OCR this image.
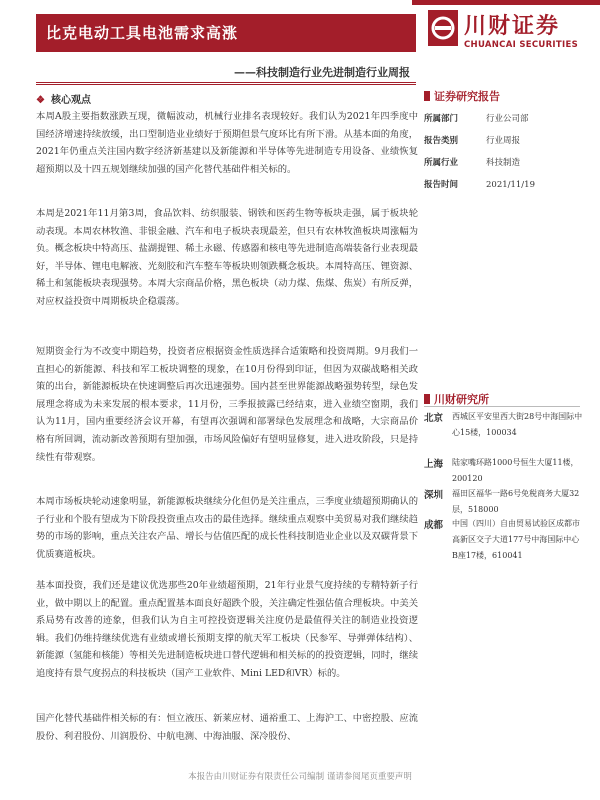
比克电动工具电池需求高涨	川财证券
CHUANCAI SECURITIES
——科技制造行业先进制造行业周报
❖ 核心观点
本周A股主要指数涨跌互现，微幅波动，机械行业排名表现较好。我们认为2021年四季度中国经济增速持续放缓，出口型制造业业绩好于预期但景气度环比有所下滑。从基本面的角度，2021年仍重点关注国内数字经济新基建以及新能源和半导体等先进制造专用设备、业绩恢复超预期以及十四五规划继续加强的国产化替代基础件相关标的。
本周是2021年11月第3周，食品饮料、纺织服装、钢铁和医药生物等板块走强，属于板块轮动表现。本周农林牧渔、非银金融、汽车和电子板块表现最差，但只有农林牧渔板块周涨幅为负。概念板块中特高压、盐湖提锂、稀土永磁、传感器和核电等先进制造高端装备行业表现最好，半导体、锂电电解液、光刻胶和汽车整车等板块则领跌概念板块。本周特高压、锂资源、稀土和氢能板块表现强势。本周大宗商品价格，黑色板块（动力煤、焦煤、焦炭）有所反弹，对应权益投资中周期板块企稳震荡。
短期资金行为不改变中期趋势，投资者应根据资金性质选择合适策略和投资周期。9月我们一直担心的新能源、科技和军工板块调整的现象，在10月份得到印证，但因为双碳战略相关政策的出台，新能源板块在快速调整后再次迅速强势。国内甚至世界能源战略强势转型，绿色发展理念将成为未来发展的根本要求，11月份，三季报披露已经结束，进入业绩空窗期，我们认为11月，国内重要经济会议开幕，有望再次强调和部署绿色发展理念和战略，大宗商品价格有所回调，流动新改善预期有望加强，市场风险偏好有望明显修复，进入进攻阶段，只是持续性有带观察。
本周市场板块轮动速象明显，新能源板块继续分化但仍是关注重点，三季度业绩超预期确认的子行业和个股有望成为下阶段投资重点攻击的最佳选择。继续重点观察中美贸易对我们继续趋势的市场的影响，重点关注农产品、增长与估值匹配的成长性科技制造业企业以及双碳背景下优质赛道板块。
基本面投资，我们还是建议优选那些20年业绩超预期，21年行业景气度持续的专精特新子行业，做中期以上的配置。重点配置基本面良好超跌个股，关注确定性强估值合理板块。中美关系局势有改善的迹象，但我们认为自主可控投资逻辑关注度仍是最值得关注的制造业投资逻辑。我们仍维持继续优选有业绩或增长预期支撑的航天军工板块（民参军、导弹弹体结构）、新能源（氢能和核能）等相关先进制造板块进口替代逻辑和相关标的的投资逻辑，同时，继续追度持有景气度拐点的科技板块（国产工业软件、Mini LED和VR）标的。
国产化替代基础件相关标的有：恒立液压、新莱应材、通裕重工、上海沪工、中密控股、应流股份、利君股份、川润股份、中航电测、中海油服、深冷股份、
证券研究报告
所属部门	行业公司部
报告类别	行业周报
所属行业	科技制造
报告时间	2021/11/19
川财研究所
北京 西城区平安里西大街28号中海国际中心15楼，100034
上海 陆家嘴环路1000号恒生大厦11楼，200120
深圳 福田区福华一路6号免税商务大厦32层，518000
成都 中国（四川）自由贸易试验区成都市高新区交子大道177号中海国际中心B座17楼，610041
本报告由川财证券有限责任公司编制 谨请参阅尾页重要声明
